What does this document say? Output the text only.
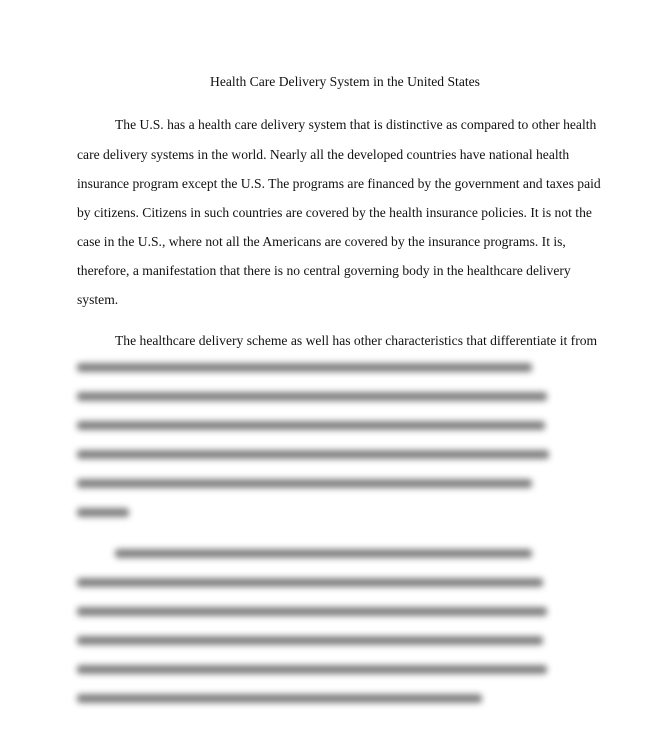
Health Care Delivery System in the United States

The U.S. has a health care delivery system that is distinctive as compared to other health

care delivery systems in the world. Nearly all the developed countries have national health

insurance program except the U.S. The programs are financed by the government and taxes paid

by citizens. Citizens in such countries are covered by the health insurance policies. It is not the

case in the U.S., where not all the Americans are covered by the insurance programs. It is,

therefore, a manifestation that there is no central governing body in the healthcare delivery

system.

The healthcare delivery scheme as well has other characteristics that differentiate it from
